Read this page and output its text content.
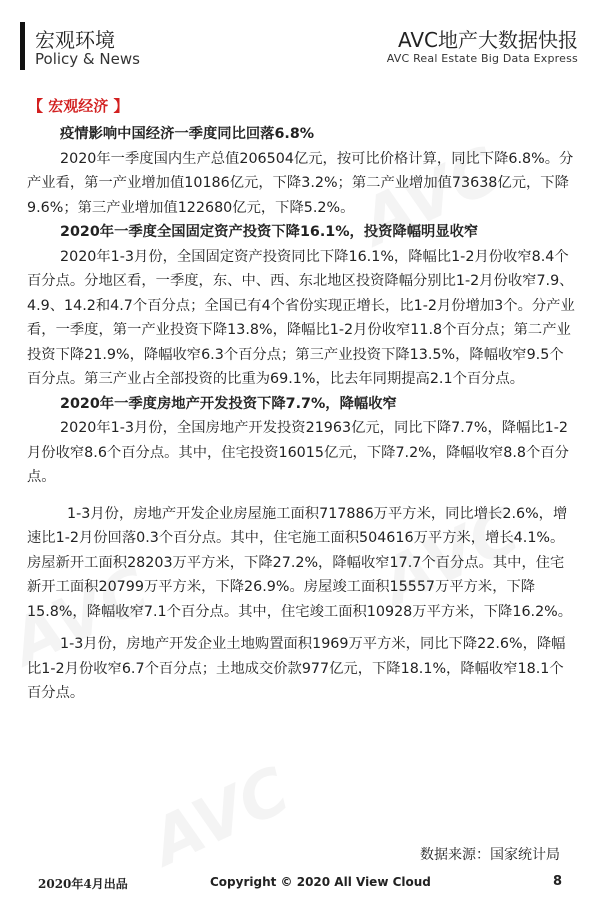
宏观环境
Policy & News
AVC地产大数据快报
AVC Real Estate Big Data Express
【 宏观经济 】

疫情影响中国经济一季度同比回落6.8%

2020年一季度国内生产总值206504亿元，按可比价格计算，同比下降6.8%。分产业看，第一产业增加值10186亿元，下降3.2%；第二产业增加值73638亿元，下降9.6%；第三产业增加值122680亿元，下降5.2%。

2020年一季度全国固定资产投资下降16.1%，投资降幅明显收窄

2020年1-3月份，全国固定资产投资同比下降16.1%，降幅比1-2月份收窄8.4个百分点。分地区看，一季度，东、中、西、东北地区投资降幅分别比1-2月份收窄7.9、4.9、14.2和4.7个百分点；全国已有4个省份实现正增长，比1-2月份增加3个。分产业看，一季度，第一产业投资下降13.8%，降幅比1-2月份收窄11.8个百分点；第二产业投资下降21.9%，降幅收窄6.3个百分点；第三产业投资下降13.5%，降幅收窄9.5个百分点。第三产业占全部投资的比重为69.1%，比去年同期提高2.1个百分点。

2020年一季度房地产开发投资下降7.7%，降幅收窄

2020年1-3月份，全国房地产开发投资21963亿元，同比下降7.7%，降幅比1-2月份收窄8.6个百分点。其中，住宅投资16015亿元，下降7.2%，降幅收窄8.8个百分点。

1-3月份，房地产开发企业房屋施工面积717886万平方米，同比增长2.6%，增速比1-2月份回落0.3个百分点。其中，住宅施工面积504616万平方米，增长4.1%。房屋新开工面积28203万平方米，下降27.2%，降幅收窄17.7个百分点。其中，住宅新开工面积20799万平方米，下降26.9%。房屋竣工面积15557万平方米，下降15.8%，降幅收窄7.1个百分点。其中，住宅竣工面积10928万平方米，下降16.2%。

1-3月份，房地产开发企业土地购置面积1969万平方米，同比下降22.6%，降幅比1-2月份收窄6.7个百分点；土地成交价款977亿元，下降18.1%，降幅收窄18.1个百分点。

数据来源：国家统计局
2020年4月出品	Copyright © 2020 All View Cloud	8
